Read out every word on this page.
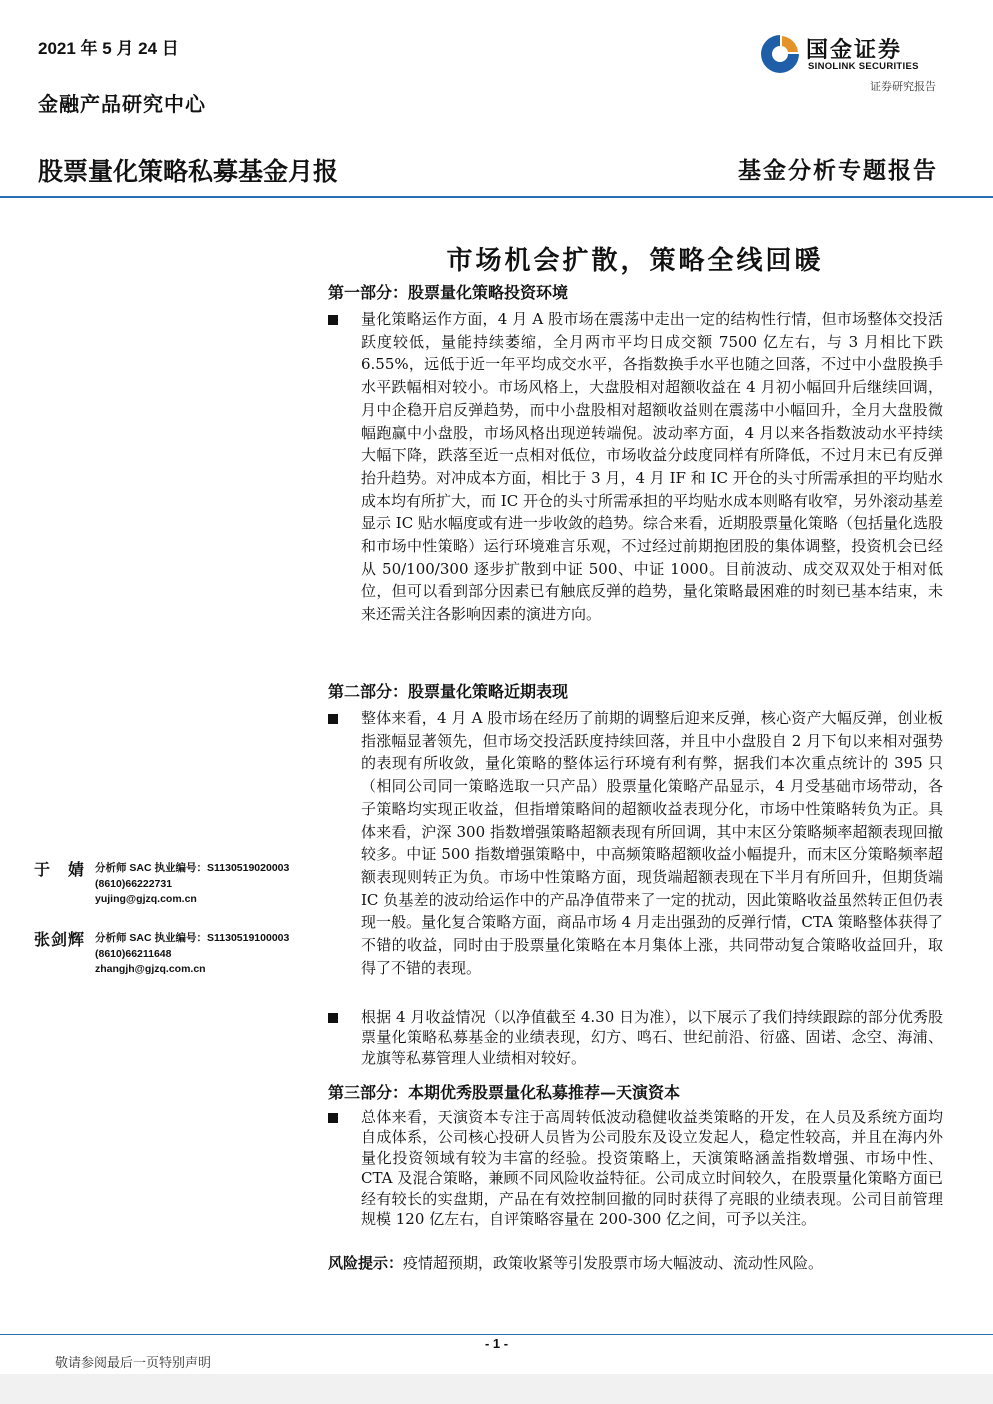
2021 年 5 月 24 日
金融产品研究中心
股票量化策略私募基金月报	基金分析专题报告
国金证券
SINOLINK SECURITIES
证券研究报告
市场机会扩散，策略全线回暖
第一部分：股票量化策略投资环境
量化策略运作方面，4 月 A 股市场在震荡中走出一定的结构性行情，但市场整体交投活跃度较低，量能持续萎缩，全月两市平均日成交额 7500 亿左右，与 3 月相比下跌 6.55%，远低于近一年平均成交水平，各指数换手水平也随之回落，不过中小盘股换手水平跌幅相对较小。市场风格上，大盘股相对超额收益在 4 月初小幅回升后继续回调，月中企稳开启反弹趋势，而中小盘股相对超额收益则在震荡中小幅回升，全月大盘股微幅跑赢中小盘股，市场风格出现逆转端倪。波动率方面，4 月以来各指数波动水平持续大幅下降，跌落至近一点相对低位，市场收益分歧度同样有所降低，不过月末已有反弹抬升趋势。对冲成本方面，相比于 3 月，4 月 IF 和 IC 开仓的头寸所需承担的平均贴水成本均有所扩大，而 IC 开仓的头寸所需承担的平均贴水成本则略有收窄，另外滚动基差显示 IC 贴水幅度或有进一步收敛的趋势。综合来看，近期股票量化策略（包括量化选股和市场中性策略）运行环境难言乐观，不过经过前期抱团股的集体调整，投资机会已经从 50/100/300 逐步扩散到中证 500、中证 1000。目前波动、成交双双处于相对低位，但可以看到部分因素已有触底反弹的趋势，量化策略最困难的时刻已基本结束，未来还需关注各影响因素的演进方向。
第二部分：股票量化策略近期表现
整体来看，4 月 A 股市场在经历了前期的调整后迎来反弹，核心资产大幅反弹，创业板指涨幅显著领先，但市场交投活跃度持续回落，并且中小盘股自 2 月下旬以来相对强势的表现有所收敛，量化策略的整体运行环境有利有弊，据我们本次重点统计的 395 只（相同公司同一策略选取一只产品）股票量化策略产品显示，4 月受基础市场带动，各子策略均实现正收益，但指增策略间的超额收益表现分化，市场中性策略转负为正。具体来看，沪深 300 指数增强策略超额表现有所回调，其中末区分策略频率超额表现回撤较多。中证 500 指数增强策略中，中高频策略超额收益小幅提升，而末区分策略频率超额表现则转正为负。市场中性策略方面，现货端超额表现在下半月有所回升，但期货端 IC 负基差的波动给运作中的产品净值带来了一定的扰动，因此策略收益虽然转正但仍表现一般。量化复合策略方面，商品市场 4 月走出强劲的反弹行情，CTA 策略整体获得了不错的收益，同时由于股票量化策略在本月集体上涨，共同带动复合策略收益回升，取得了不错的表现。
根据 4 月收益情况（以净值截至 4.30 日为准），以下展示了我们持续跟踪的部分优秀股票量化策略私募基金的业绩表现，幻方、鸣石、世纪前沿、衍盛、固诺、念空、海浦、龙旗等私募管理人业绩相对较好。
第三部分：本期优秀股票量化私募推荐—天演资本
总体来看，天演资本专注于高周转低波动稳健收益类策略的开发，在人员及系统方面均自成体系，公司核心投研人员皆为公司股东及设立发起人，稳定性较高，并且在海内外量化投资领域有较为丰富的经验。投资策略上，天演策略涵盖指数增强、市场中性、CTA 及混合策略，兼顾不同风险收益特征。公司成立时间较久，在股票量化策略方面已经有较长的实盘期，产品在有效控制回撤的同时获得了亮眼的业绩表现。公司目前管理规模 120 亿左右，自评策略容量在 200-300 亿之间，可予以关注。
风险提示：疫情超预期，政策收紧等引发股票市场大幅波动、流动性风险。
于　婧 分析师 SAC 执业编号：S1130519020003
(8610)66222731
yujing@gjzq.com.cn
张剑辉 分析师 SAC 执业编号：S1130519100003
(8610)66211648
zhangjh@gjzq.com.cn
- 1 -
敬请参阅最后一页特别声明
